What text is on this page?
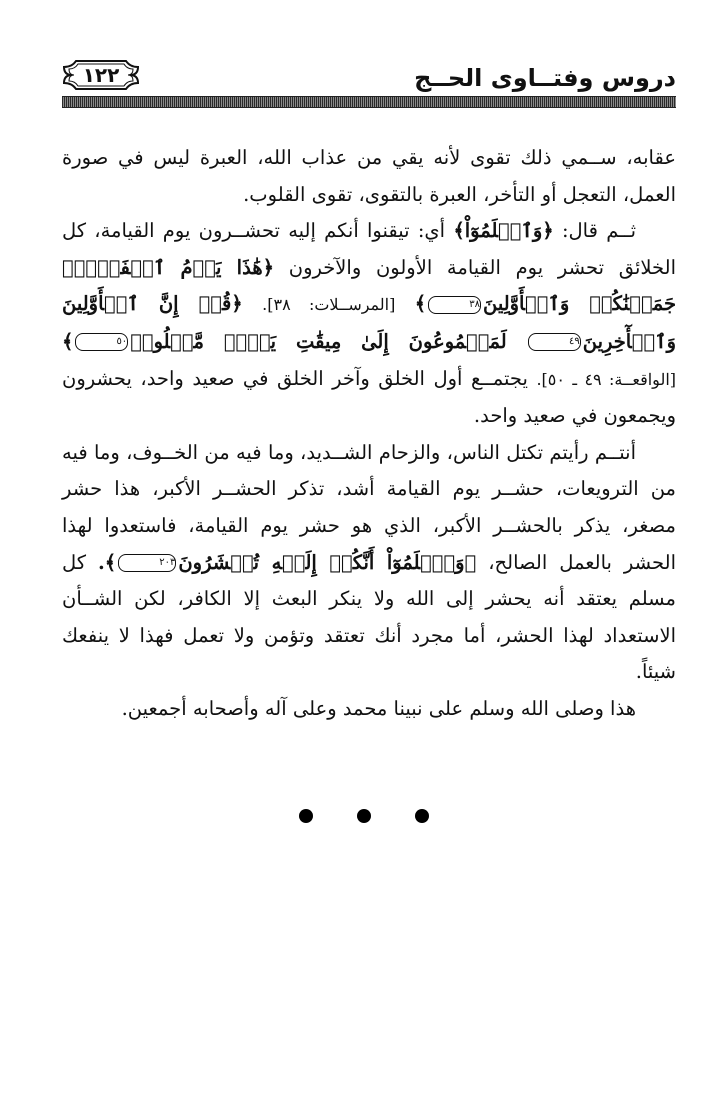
١٢٢	دروس وفتــاوى الحــج

عقابه، ســمي ذلك تقوى لأنه يقي من عذاب الله، العبرة ليس في صورة العمل، التعجل أو التأخر، العبرة بالتقوى، تقوى القلوب.

ثــم قال: ﴿وَٱعۡلَمُوٓاْ﴾ أي: تيقنوا أنكم إليه تحشــرون يوم القيامة، كل الخلائق تحشر يوم القيامة الأولون والآخرون ﴿هَٰذَا يَوۡمُ ٱلۡفَصۡلِۖ جَمَعۡنَٰكُمۡ وَٱلۡأَوَّلِينَ٣٨﴾ [المرســلات: ٣٨]. ﴿قُلۡ إِنَّ ٱلۡأَوَّلِينَ وَٱلۡأٓخِرِينَ٤٩ لَمَجۡمُوعُونَ إِلَىٰ مِيقَٰتِ يَوۡمٖ مَّعۡلُومٖ٥٠﴾ [الواقعــة: ٤٩ ـ ٥٠]. يجتمــع أول الخلق وآخر الخلق في صعيد واحد، يحشرون ويجمعون في صعيد واحد.

أنتــم رأيتم تكتل الناس، والزحام الشــديد، وما فيه من الخــوف، وما فيه من الترويعات، حشــر يوم القيامة أشد، تذكر الحشــر الأكبر، هذا حشر مصغر، يذكر بالحشــر الأكبر، الذي هو حشر يوم القيامة، فاستعدوا لهذا الحشر بالعمل الصالح، ﴿وَٱعۡلَمُوٓاْ أَنَّكُمۡ إِلَيۡهِ تُحۡشَرُونَ٢٠٣﴾. كل مسلم يعتقد أنه يحشر إلى الله ولا ينكر البعث إلا الكافر، لكن الشــأن الاستعداد لهذا الحشر، أما مجرد أنك تعتقد وتؤمن ولا تعمل فهذا لا ينفعك شيئاً.

هذا وصلى الله وسلم على نبينا محمد وعلى آله وأصحابه أجمعين.
